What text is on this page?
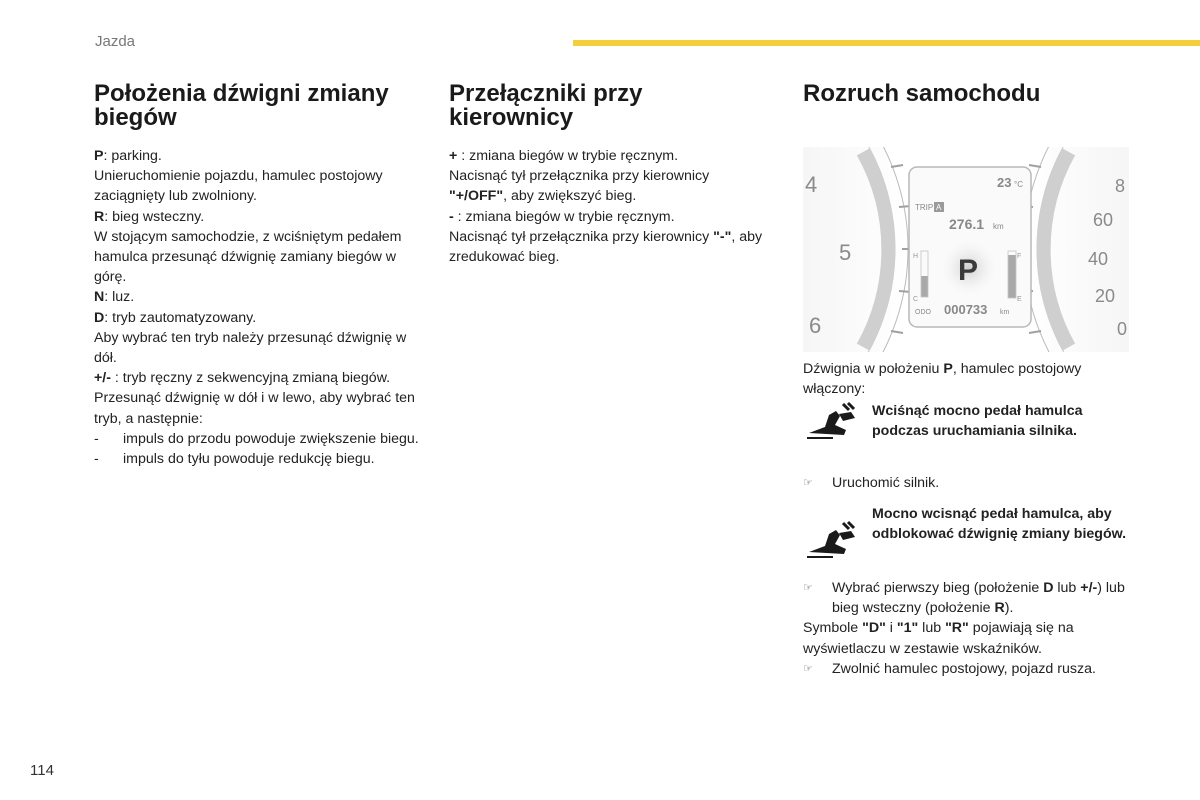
Jazda
Położenia dźwigni zmiany biegów

P: parking.

Unieruchomienie pojazdu, hamulec postojowy zaciągnięty lub zwolniony.

R: bieg wsteczny.

W stojącym samochodzie, z wciśniętym pedałem hamulca przesunąć dźwignię zamiany biegów w górę.

N: luz.

D: tryb zautomatyzowany.

Aby wybrać ten tryb należy przesunąć dźwignię w dół.

+/- : tryb ręczny z sekwencyjną zmianą biegów.

Przesunąć dźwignię w dół i w lewo, aby wybrać ten tryb, a następnie:

- impuls do przodu powoduje zwiększenie biegu.

- impuls do tyłu powoduje redukcję biegu.

Przełączniki przy kierownicy

+ : zmiana biegów w trybie ręcznym.

Nacisnąć tył przełącznika przy kierownicy "+/OFF", aby zwiększyć bieg.

- : zmiana biegów w trybie ręcznym.

Nacisnąć tył przełącznika przy kierownicy "-", aby zredukować bieg.

Rozruch samochodu
4
5
6
8
60
40
20
0
23 °C
TRIP A
276.1 km
P
H
C
F
E
ODO 000733 km

Dźwignia w położeniu P, hamulec postojowy włączony:

Wciśnąć mocno pedał hamulca podczas uruchamiania silnika.

☞ Uruchomić silnik.

Mocno wcisnąć pedał hamulca, aby odblokować dźwignię zmiany biegów.

☞ Wybrać pierwszy bieg (położenie D lub +/-) lub bieg wsteczny (położenie R).

Symbole "D" i "1" lub "R" pojawiają się na wyświetlaczu w zestawie wskaźników.

☞ Zwolnić hamulec postojowy, pojazd rusza.

114
